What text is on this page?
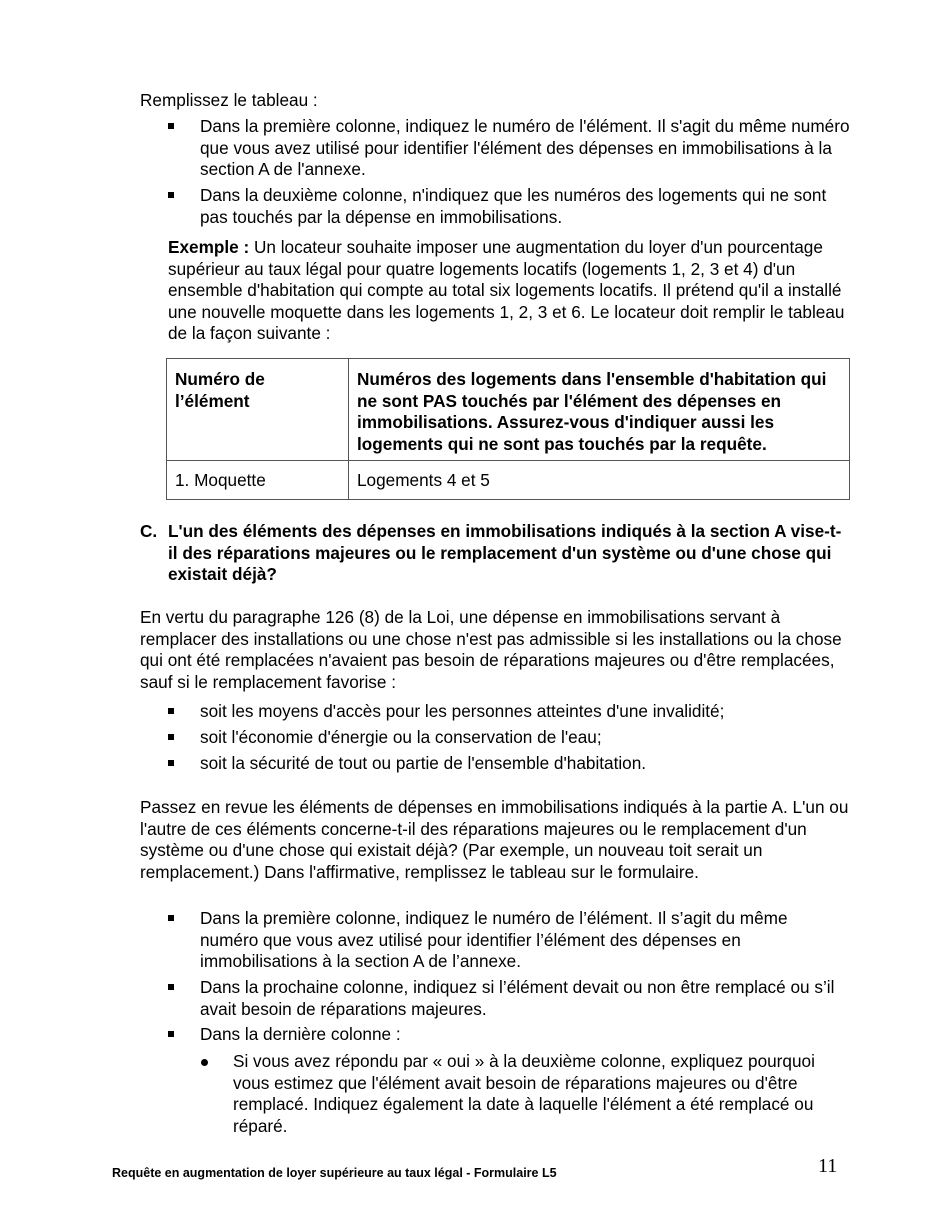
Remplissez le tableau :

Dans la première colonne, indiquez le numéro de l'élément. Il s'agit du même numéro que vous avez utilisé pour identifier l'élément des dépenses en immobilisations à la section A de l'annexe.

Dans la deuxième colonne, n'indiquez que les numéros des logements qui ne sont pas touchés par la dépense en immobilisations.

Exemple : Un locateur souhaite imposer une augmentation du loyer d'un pourcentage supérieur au taux légal pour quatre logements locatifs (logements 1, 2, 3 et 4) d'un ensemble d'habitation qui compte au total six logements locatifs. Il prétend qu'il a installé une nouvelle moquette dans les logements 1, 2, 3 et 6. Le locateur doit remplir le tableau de la façon suivante :

Numéro de l’élément	Numéros des logements dans l'ensemble d'habitation qui ne sont PAS touchés par l'élément des dépenses en immobilisations. Assurez-vous d'indiquer aussi les logements qui ne sont pas touchés par la requête.

1. Moquette	Logements 4 et 5
C. L'un des éléments des dépenses en immobilisations indiqués à la section A vise-t-il des réparations majeures ou le remplacement d'un système ou d'une chose qui existait déjà?

En vertu du paragraphe 126 (8) de la Loi, une dépense en immobilisations servant à remplacer des installations ou une chose n'est pas admissible si les installations ou la chose qui ont été remplacées n'avaient pas besoin de réparations majeures ou d'être remplacées, sauf si le remplacement favorise :

soit les moyens d'accès pour les personnes atteintes d'une invalidité;

soit l'économie d'énergie ou la conservation de l'eau;

soit la sécurité de tout ou partie de l'ensemble d'habitation.

Passez en revue les éléments de dépenses en immobilisations indiqués à la partie A. L'un ou l'autre de ces éléments concerne-t-il des réparations majeures ou le remplacement d'un système ou d'une chose qui existait déjà? (Par exemple, un nouveau toit serait un remplacement.) Dans l'affirmative, remplissez le tableau sur le formulaire.

Dans la première colonne, indiquez le numéro de l’élément. Il s’agit du même numéro que vous avez utilisé pour identifier l’élément des dépenses en immobilisations à la section A de l’annexe.

Dans la prochaine colonne, indiquez si l’élément devait ou non être remplacé ou s’il avait besoin de réparations majeures.

Dans la dernière colonne :

Si vous avez répondu par « oui » à la deuxième colonne, expliquez pourquoi vous estimez que l'élément avait besoin de réparations majeures ou d'être remplacé. Indiquez également la date à laquelle l'élément a été remplacé ou réparé.

Requête en augmentation de loyer supérieure au taux légal - Formulaire L5	11
